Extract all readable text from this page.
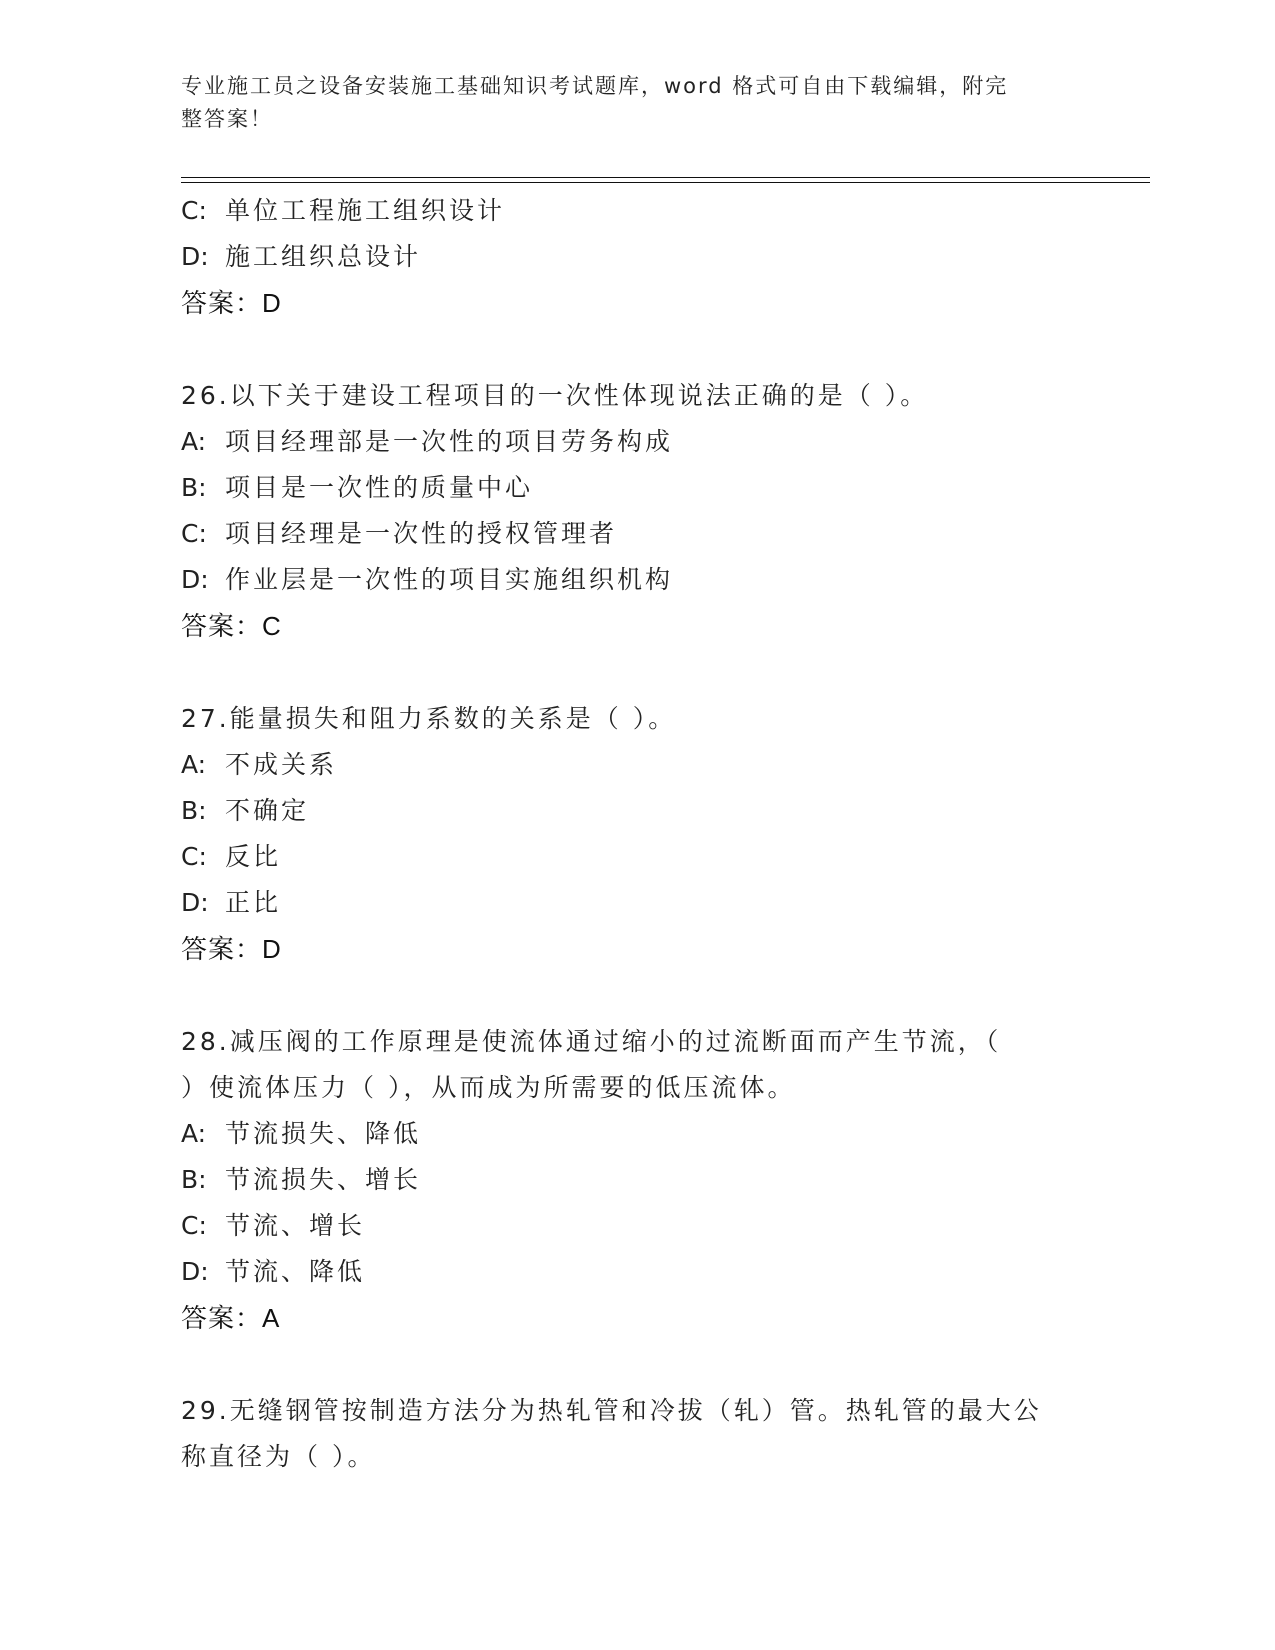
专业施工员之设备安装施工基础知识考试题库，word 格式可自由下载编辑，附完
整答案！
C: 单位工程施工组织设计
D: 施工组织总设计
答案：D
26.以下关于建设工程项目的一次性体现说法正确的是（ ）。
A: 项目经理部是一次性的项目劳务构成
B: 项目是一次性的质量中心
C: 项目经理是一次性的授权管理者
D: 作业层是一次性的项目实施组织机构
答案：C
27.能量损失和阻力系数的关系是（ ）。
A: 不成关系
B: 不确定
C: 反比
D: 正比
答案：D
28.减压阀的工作原理是使流体通过缩小的过流断面而产生节流，（
）使流体压力（ ），从而成为所需要的低压流体。
A: 节流损失、降低
B: 节流损失、增长
C: 节流、增长
D: 节流、降低
答案：A
29.无缝钢管按制造方法分为热轧管和冷拔（轧）管。热轧管的最大公
称直径为（ ）。
